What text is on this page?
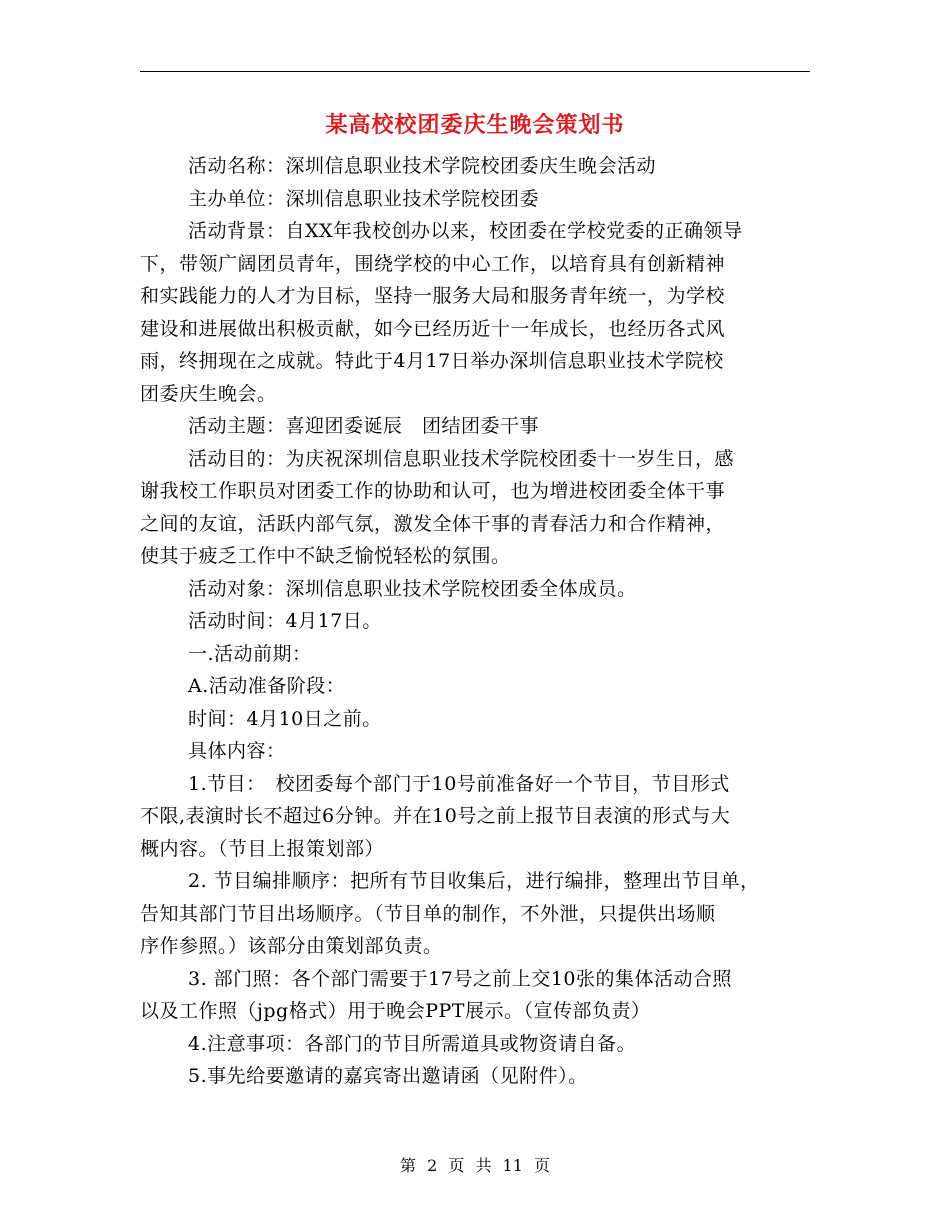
某高校校团委庆生晚会策划书
活动名称：深圳信息职业技术学院校团委庆生晚会活动
主办单位：深圳信息职业技术学院校团委
活动背景：自XX年我校创办以来，校团委在学校党委的正确领导
下，带领广阔团员青年，围绕学校的中心工作，以培育具有创新精神
和实践能力的人才为目标，坚持一服务大局和服务青年统一，为学校
建设和进展做出积极贡献，如今已经历近十一年成长，也经历各式风
雨，终拥现在之成就。特此于4月17日举办深圳信息职业技术学院校
团委庆生晚会。
活动主题：喜迎团委诞辰　团结团委干事
活动目的：为庆祝深圳信息职业技术学院校团委十一岁生日，感
谢我校工作职员对团委工作的协助和认可，也为增进校团委全体干事
之间的友谊，活跃内部气氛，激发全体干事的青春活力和合作精神，
使其于疲乏工作中不缺乏愉悦轻松的氛围。
活动对象：深圳信息职业技术学院校团委全体成员。
活动时间：4月17日。
一.活动前期：
A.活动准备阶段：
时间：4月10日之前。
具体内容：
1.节目：　校团委每个部门于10号前准备好一个节目，节目形式
不限,表演时长不超过6分钟。并在10号之前上报节目表演的形式与大
概内容。（节目上报策划部）
2. 节目编排顺序：把所有节目收集后，进行编排，整理出节目单，
告知其部门节目出场顺序。（节目单的制作，不外泄，只提供出场顺
序作参照。）该部分由策划部负责。
3. 部门照：各个部门需要于17号之前上交10张的集体活动合照
以及工作照（jpg格式）用于晚会PPT展示。（宣传部负责）
4.注意事项：各部门的节目所需道具或物资请自备。
5.事先给要邀请的嘉宾寄出邀请函（见附件）。
第 2 页 共 11 页
